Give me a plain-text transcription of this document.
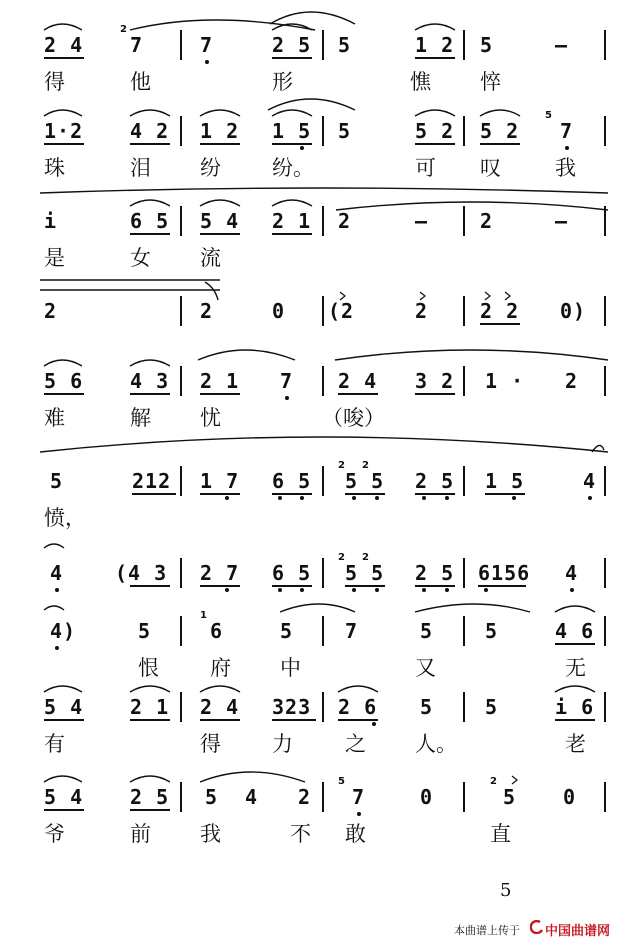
2 4
2
7	7	2 5 5	1 2 5	—
得	他	形	憔 悴
1·2 4 2 1 2 1 5 5	5 2 5 2
5
7
珠	泪 纷 纷。	可 叹	我
i	6 5 5 4 2 1 2	—	2	—
是	女 流
2	2	0 (2	2	2 2 0)
5 6 4 3 2 1 7 2 4 3 2 1 · 2
难	解 忧	（唆）
5	212 1 7 6 5
2 2
5 5 2 5 1 5	4
愤，
4	(4 3 2 7 6 5
2 2
5 5 2 5 6156 4
4)	5
1
6	5	7	5	5	4 6
恨 府 中	又	无
5 4 2 1 2 4 323 2 6 5	5	i 6
有	得 力 之 人。	老
5 4 2 5 5 4 2
5
7	0
2
5 0
爷	前 我	不 敢	直
5
本曲谱上传于 中国曲谱网
